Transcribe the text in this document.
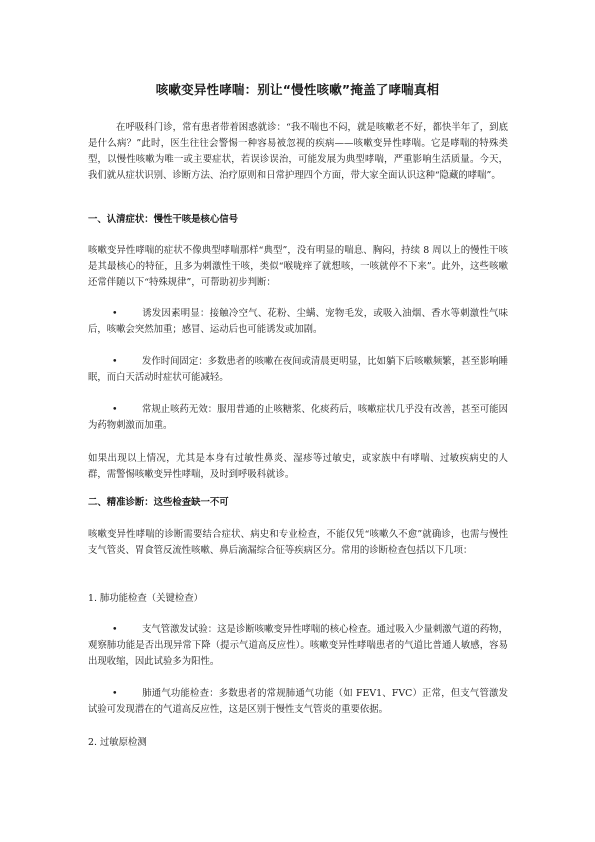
咳嗽变异性哮喘：别让“慢性咳嗽”掩盖了哮喘真相

在呼吸科门诊，常有患者带着困惑就诊：“我不喘也不闷，就是咳嗽老不好，都快半年了，到底是什么病？”此时，医生往往会警惕一种容易被忽视的疾病——咳嗽变异性哮喘。它是哮喘的特殊类型，以慢性咳嗽为唯一或主要症状，若误诊误治，可能发展为典型哮喘，严重影响生活质量。今天，我们就从症状识别、诊断方法、治疗原则和日常护理四个方面，带大家全面认识这种“隐藏的哮喘”。

一、认清症状：慢性干咳是核心信号

咳嗽变异性哮喘的症状不像典型哮喘那样“典型”，没有明显的喘息、胸闷，持续 8 周以上的慢性干咳是其最核心的特征，且多为刺激性干咳，类似“喉咙痒了就想咳，一咳就停不下来”。此外，这些咳嗽还常伴随以下“特殊规律”，可帮助初步判断：

•	诱发因素明显：接触冷空气、花粉、尘螨、宠物毛发，或吸入油烟、香水等刺激性气味后，咳嗽会突然加重；感冒、运动后也可能诱发或加剧。

•	发作时间固定：多数患者的咳嗽在夜间或清晨更明显，比如躺下后咳嗽频繁，甚至影响睡眠，而白天活动时症状可能减轻。

•	常规止咳药无效：服用普通的止咳糖浆、化痰药后，咳嗽症状几乎没有改善，甚至可能因为药物刺激而加重。

如果出现以上情况，尤其是本身有过敏性鼻炎、湿疹等过敏史，或家族中有哮喘、过敏疾病史的人群，需警惕咳嗽变异性哮喘，及时到呼吸科就诊。

二、精准诊断：这些检查缺一不可

咳嗽变异性哮喘的诊断需要结合症状、病史和专业检查，不能仅凭“咳嗽久不愈”就确诊，也需与慢性支气管炎、胃食管反流性咳嗽、鼻后滴漏综合征等疾病区分。常用的诊断检查包括以下几项：

1. 肺功能检查（关键检查）

•	支气管激发试验：这是诊断咳嗽变异性哮喘的核心检查。通过吸入少量刺激气道的药物，观察肺功能是否出现异常下降（提示气道高反应性）。咳嗽变异性哮喘患者的气道比普通人敏感，容易出现收缩，因此试验多为阳性。

•	肺通气功能检查：多数患者的常规肺通气功能（如 FEV1、FVC）正常，但支气管激发试验可发现潜在的气道高反应性，这是区别于慢性支气管炎的重要依据。

2. 过敏原检测
